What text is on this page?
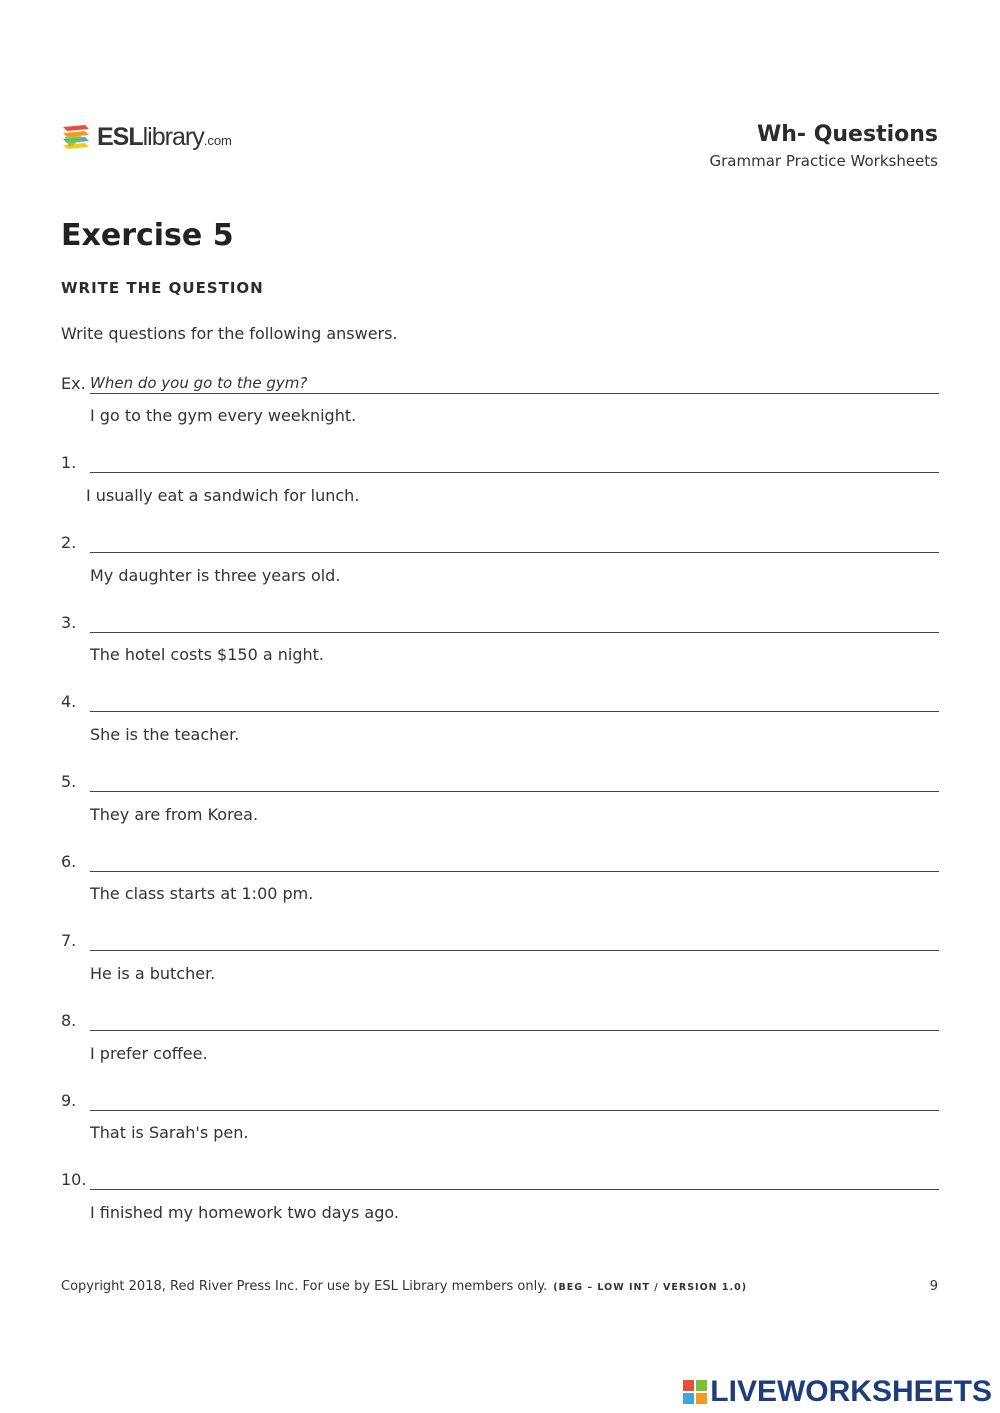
ESLlibrary.com	Wh- Questions
Grammar Practice Worksheets
Exercise 5
WRITE THE QUESTION
Write questions for the following answers.
Ex. When do you go to the gym?
I go to the gym every weeknight.
1.
I usually eat a sandwich for lunch.
2.
My daughter is three years old.
3.
The hotel costs $150 a night.
4.
She is the teacher.
5.
They are from Korea.
6.
The class starts at 1:00 pm.
7.
He is a butcher.
8.
I prefer coffee.
9.
That is Sarah's pen.
10.
I finished my homework two days ago.
Copyright 2018, Red River Press Inc. For use by ESL Library members only. (BEG – LOW INT / VERSION 1.0)	9
LIVEWORKSHEETS
